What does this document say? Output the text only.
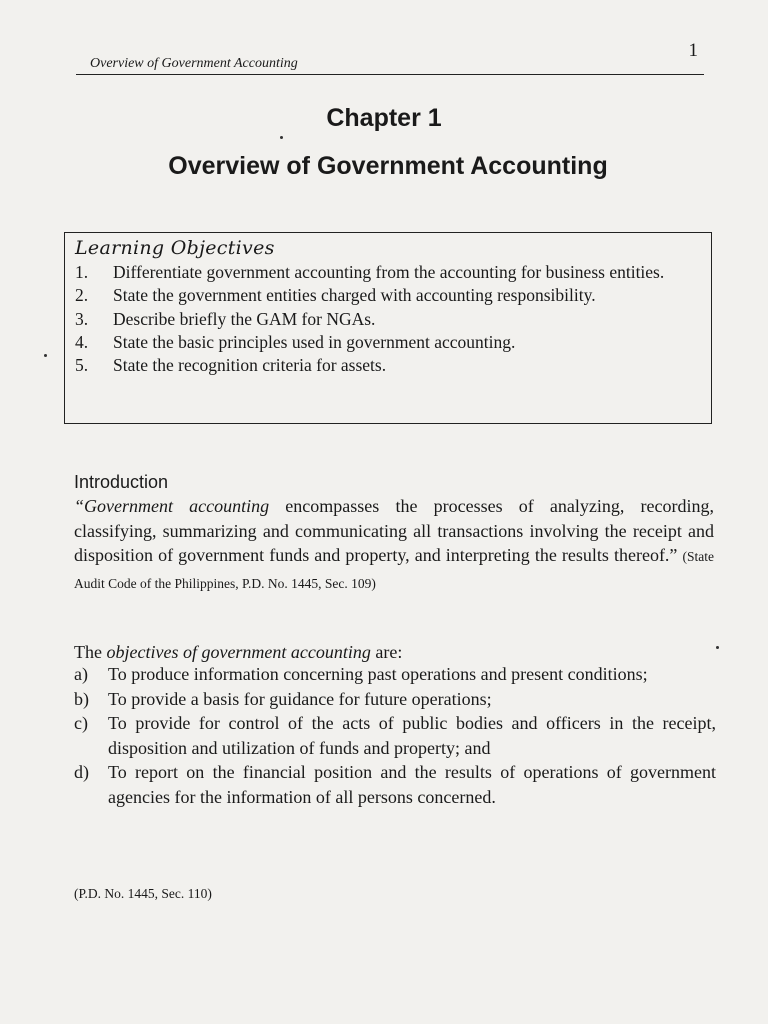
Overview of Government Accounting
1
Chapter 1
Overview of Government Accounting
Learning Objectives
1. Differentiate government accounting from the accounting for business entities.
2. State the government entities charged with accounting responsibility.
3. Describe briefly the GAM for NGAs.
4. State the basic principles used in government accounting.
5. State the recognition criteria for assets.
Introduction

“Government accounting encompasses the processes of analyzing, recording, classifying, summarizing and communicating all transactions involving the receipt and disposition of government funds and property, and interpreting the results thereof.” (State Audit Code of the Philippines, P.D. No. 1445, Sec. 109)

The objectives of government accounting are:
a) To produce information concerning past operations and present conditions;
b) To provide a basis for guidance for future operations;
c) To provide for control of the acts of public bodies and officers in the receipt, disposition and utilization of funds and property; and
d) To report on the financial position and the results of operations of government agencies for the information of all persons concerned.
(P.D. No. 1445, Sec. 110)
